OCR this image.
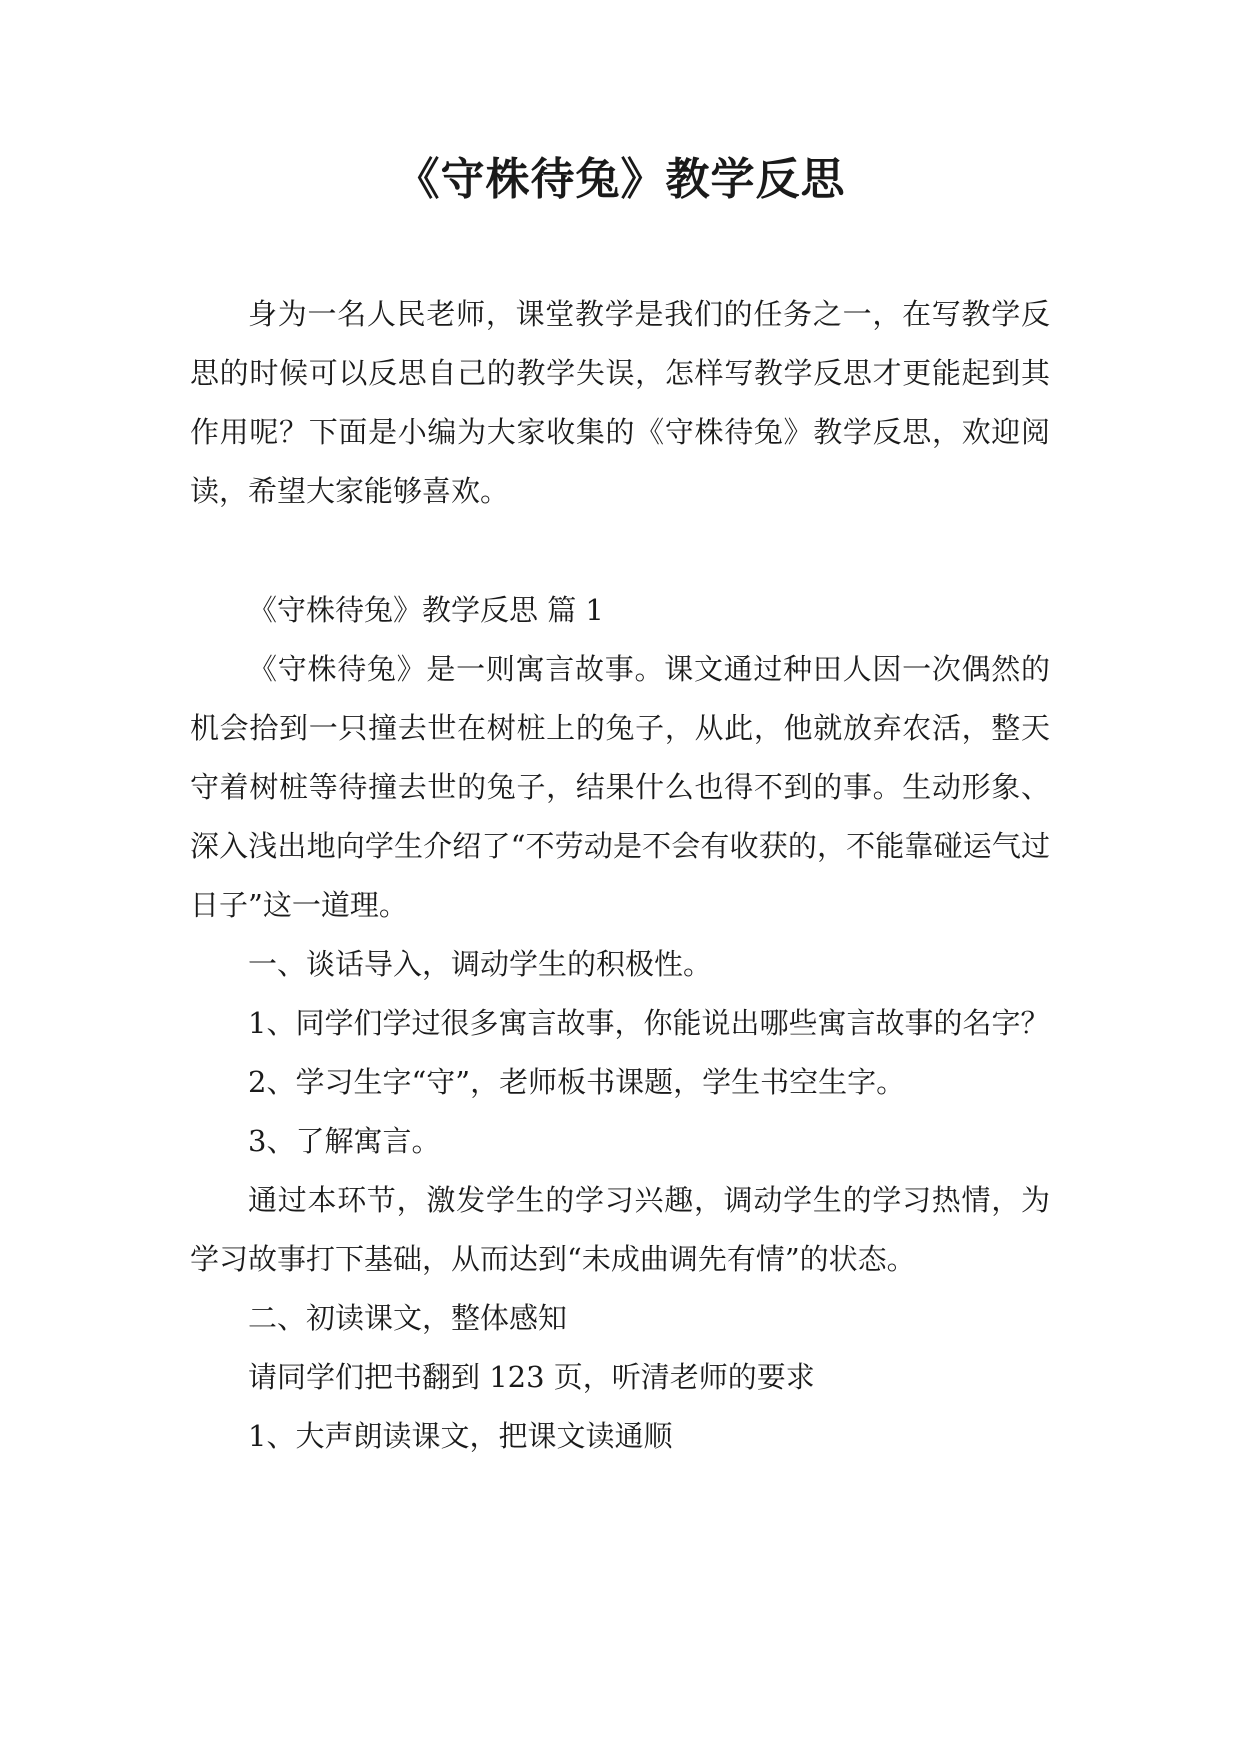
《守株待兔》教学反思

身为一名人民老师，课堂教学是我们的任务之一，在写教学反思的时候可以反思自己的教学失误，怎样写教学反思才更能起到其作用呢？下面是小编为大家收集的《守株待兔》教学反思，欢迎阅读，希望大家能够喜欢。

《守株待兔》教学反思 篇 1

《守株待兔》是一则寓言故事。课文通过种田人因一次偶然的机会拾到一只撞去世在树桩上的兔子，从此，他就放弃农活，整天守着树桩等待撞去世的兔子，结果什么也得不到的事。生动形象、深入浅出地向学生介绍了“不劳动是不会有收获的，不能靠碰运气过日子”这一道理。

一、谈话导入，调动学生的积极性。

1、同学们学过很多寓言故事，你能说出哪些寓言故事的名字？

2、学习生字“守”，老师板书课题，学生书空生字。

3、了解寓言。

通过本环节，激发学生的学习兴趣，调动学生的学习热情，为学习故事打下基础，从而达到“未成曲调先有情”的状态。

二、初读课文，整体感知

请同学们把书翻到 123 页，听清老师的要求

1、大声朗读课文，把课文读通顺
